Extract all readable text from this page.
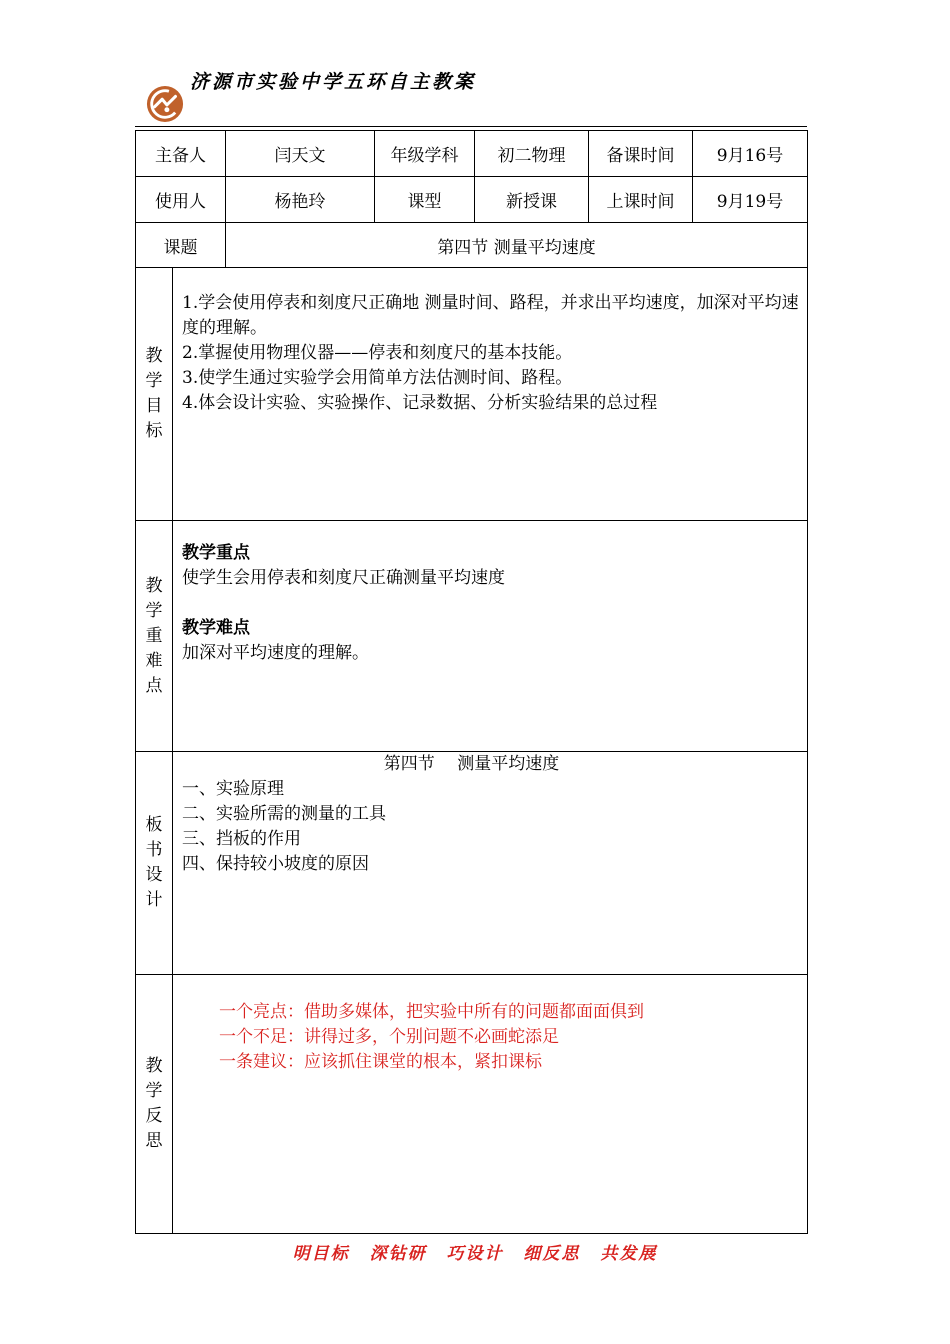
济源市实验中学五环自主教案
主备人		闫天文	年级学科	初二物理	备课时间	9月16号
使用人		杨艳玲	课型	新授课	上课时间	9月19号
课题		第四节 测量平均速度				

教
学
目
标	1.学会使用停表和刻度尺正确地 测量时间、路程，并求出平均速度，加深对平均速度的理解。
2.掌握使用物理仪器——停表和刻度尺的基本技能。
3.使学生通过实验学会用简单方法估测时间、路程。
4.体会设计实验、实验操作、记录数据、分析实验结果的总过程					

教
学
重
难
点	教学重点
使学生会用停表和刻度尺正确测量平均速度
教学难点
加深对平均速度的理解。					

板
书
设
计	第四节　 测量平均速度
一、实验原理
二、实验所需的测量的工具
三、挡板的作用
四、保持较小坡度的原因					

教
学
反
思	一个亮点：借助多媒体，把实验中所有的问题都面面俱到
一个不足：讲得过多，个别问题不必画蛇添足
一条建议：应该抓住课堂的根本，紧扣课标					
明目标 深钻研 巧设计 细反思 共发展
